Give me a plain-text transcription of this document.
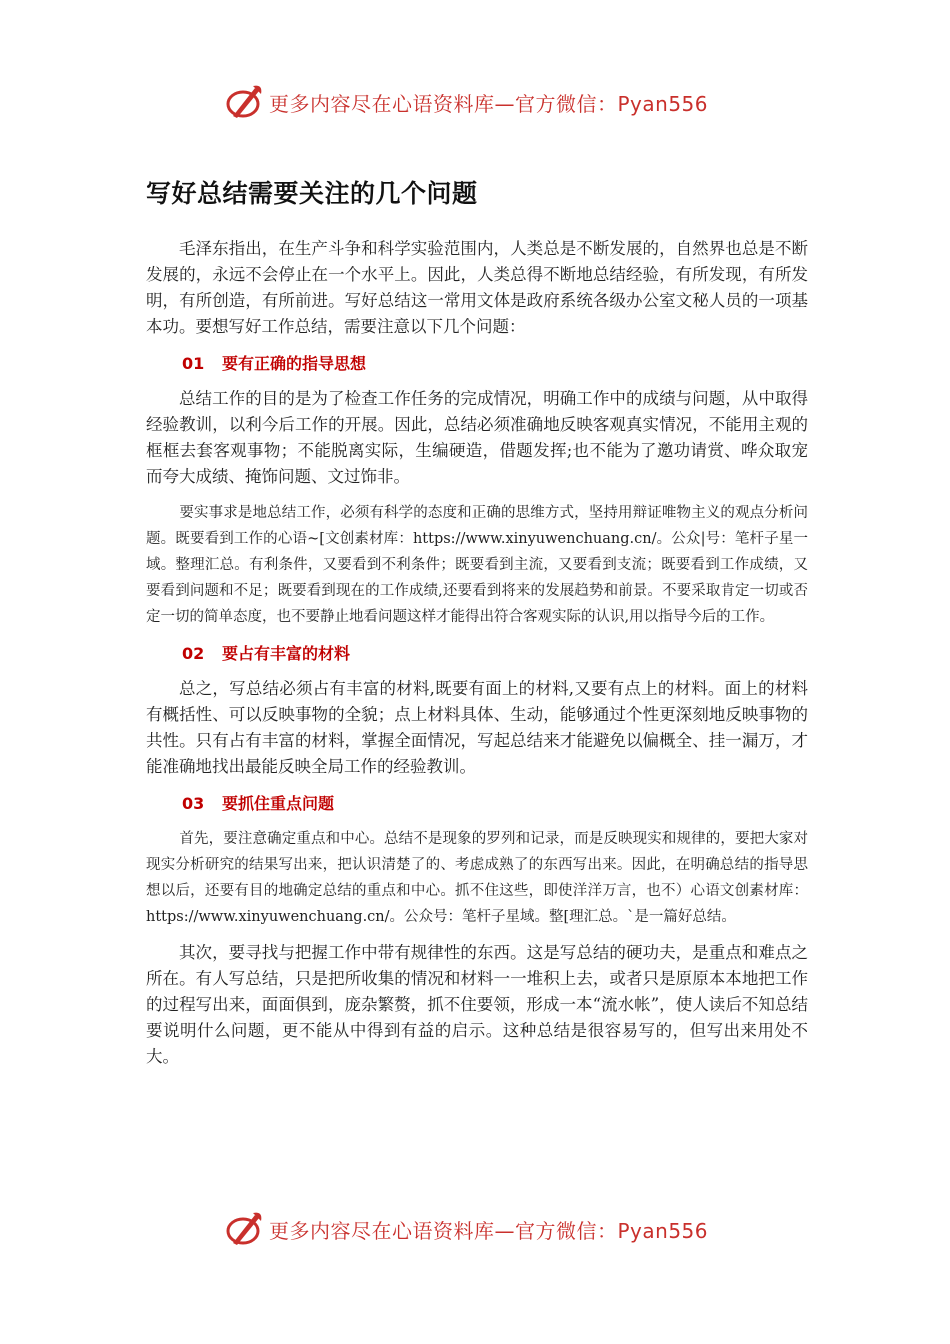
更多内容尽在心语资料库—官方微信：Pyan556
写好总结需要关注的几个问题

毛泽东指出，在生产斗争和科学实验范围内，人类总是不断发展的，自然界也总是不断发展的，永远不会停止在一个水平上。因此，人类总得不断地总结经验，有所发现，有所发明，有所创造，有所前进。写好总结这一常用文体是政府系统各级办公室文秘人员的一项基本功。要想写好工作总结，需要注意以下几个问题：

01 要有正确的指导思想

总结工作的目的是为了检查工作任务的完成情况，明确工作中的成绩与问题，从中取得经验教训，以利今后工作的开展。因此，总结必须准确地反映客观真实情况，不能用主观的框框去套客观事物；不能脱离实际，生编硬造，借题发挥;也不能为了邀功请赏、哗众取宠而夸大成绩、掩饰问题、文过饰非。

要实事求是地总结工作，必须有科学的态度和正确的思维方式，坚持用辩证唯物主义的观点分析问题。既要看到工作的心语~[文创素材库：https://www.xinyuwenchuang.cn/。公众|号：笔杆子星一域。整理汇总。有利条件，又要看到不利条件；既要看到主流，又要看到支流；既要看到工作成绩，又要看到问题和不足；既要看到现在的工作成绩,还要看到将来的发展趋势和前景。不要采取肯定一切或否定一切的简单态度，也不要静止地看问题这样才能得出符合客观实际的认识,用以指导今后的工作。

02 要占有丰富的材料

总之，写总结必须占有丰富的材料,既要有面上的材料,又要有点上的材料。面上的材料有概括性、可以反映事物的全貌；点上材料具体、生动，能够通过个性更深刻地反映事物的共性。只有占有丰富的材料，掌握全面情况，写起总结来才能避免以偏概全、挂一漏万，才能准确地找出最能反映全局工作的经验教训。

03 要抓住重点问题

首先，要注意确定重点和中心。总结不是现象的罗列和记录，而是反映现实和规律的，要把大家对现实分析研究的结果写出来，把认识清楚了的、考虑成熟了的东西写出来。因此，在明确总结的指导思想以后，还要有目的地确定总结的重点和中心。抓不住这些，即使洋洋万言，也不）心语文创素材库：https://www.xinyuwenchuang.cn/。公众号：笔杆子星域。整[理汇总。`是一篇好总结。

其次，要寻找与把握工作中带有规律性的东西。这是写总结的硬功夫，是重点和难点之所在。有人写总结，只是把所收集的情况和材料一一堆积上去，或者只是原原本本地把工作的过程写出来，面面俱到，庞杂繁赘，抓不住要领，形成一本“流水帐”，使人读后不知总结要说明什么问题，更不能从中得到有益的启示。这种总结是很容易写的，但写出来用处不大。

更多内容尽在心语资料库—官方微信：Pyan556
